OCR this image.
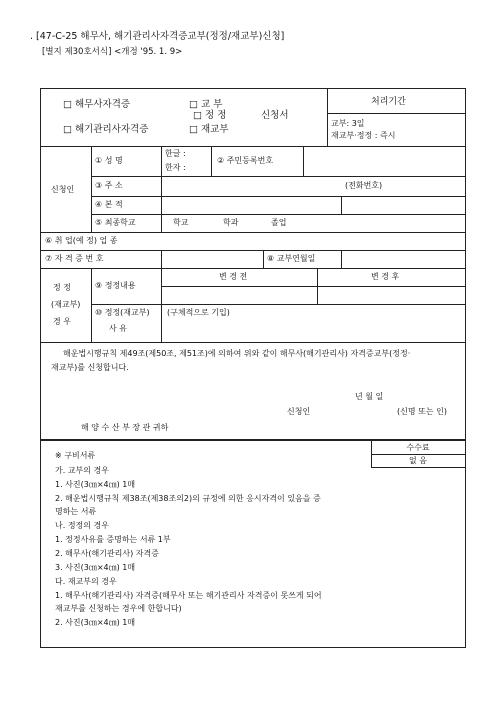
. [47-C-25 해무사, 해기관리사자격증교부(정정/재교부)신청]
[별지 제30호서식] <개정 '95. 1. 9>
□ 해무사자격증
□ 해기관리사자격증
□ 교 부
□ 정 정
□ 재교부
신청서
처리기간
교부: 3일
재교부·정정 : 즉시
신청인
① 성 명
한글 :
한자 :
② 주민등록번호
③ 주 소	(전화번호)
④ 본 적
⑤ 최종학교	학교	학과	졸업
⑥ 취 업(예 정) 업 종
⑦ 자 격 증 번 호	⑧ 교부연월일
정 정
(재교부)
경 우
⑨ 정정내용
변 경 전	변 경 후
⑩ 정정(재교부)
사 유
(구체적으로 기입)
해운법시행규칙 제49조(제50조, 제51조)에 의하여 위와 같이 해무사(해기관리사) 자격증교부(정정·
재교부)를 신청합니다.
년 월 일
신청인	(신명 또는 인)
해 양 수 산 부 장 관 귀하
수수료
없 음
※ 구비서류
가. 교부의 경우
1. 사진(3㎝×4㎝) 1매
2. 해운법시행규칙 제38조(제38조의2)의 규정에 의한 응시자격이 있음을 증
명하는 서류
나. 정정의 경우
1. 정정사유를 증명하는 서류 1부
2. 해무사(해기관리사) 자격증
3. 사진(3㎝×4㎝) 1매
다. 재교부의 경우
1. 해무사(해기관리사) 자격증(해무사 또는 해기관리사 자격증이 못쓰게 되어
재교부를 신청하는 경우에 한합니다)
2. 사진(3㎝×4㎝) 1매
